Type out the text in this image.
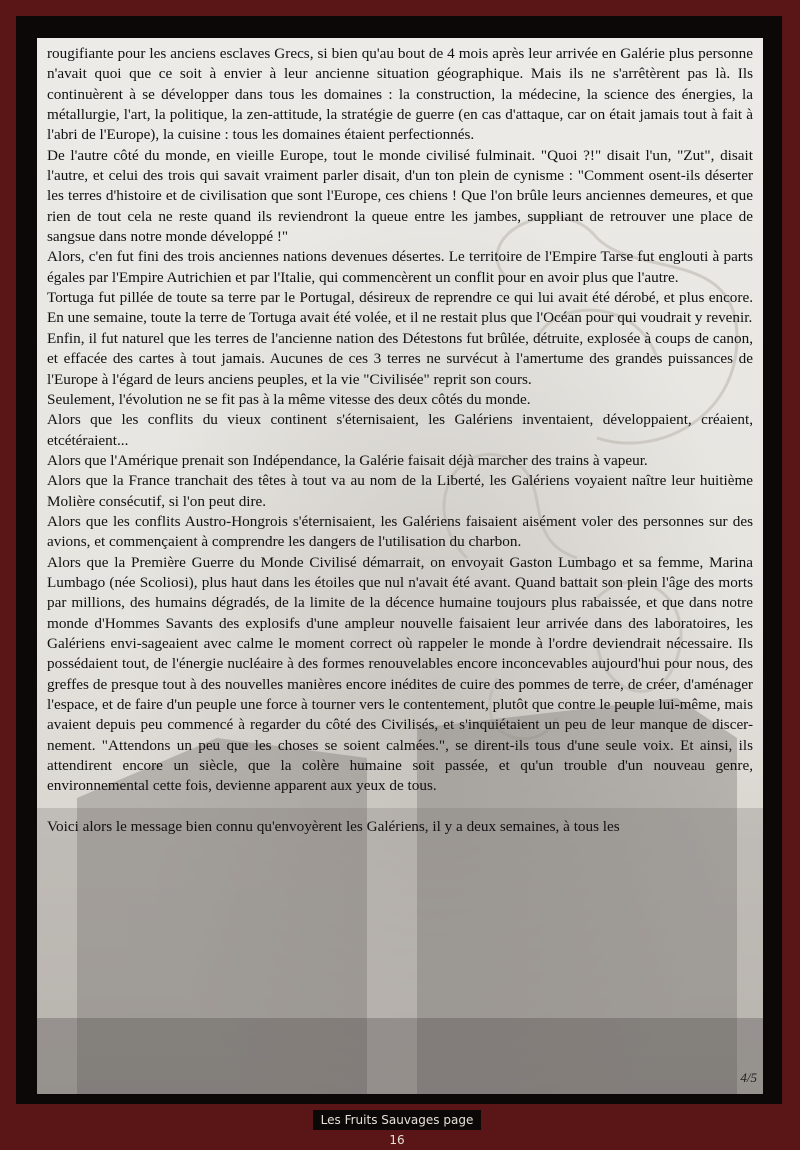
rougifiante pour les anciens esclaves Grecs, si bien qu'au bout de 4 mois après leur arrivée en Galérie plus personne n'avait quoi que ce soit à envier à leur ancienne situation géographique. Mais ils ne s'arrêtèrent pas là. Ils continuèrent à se développer dans tous les domaines : la construction, la médecine, la science des énergies, la métallurgie, l'art, la politique, la zen-attitude, la stratégie de guerre (en cas d'attaque, car on était jamais tout à fait à l'abri de l'Europe), la cuisine : tous les domaines étaient perfectionnés.

De l'autre côté du monde, en vieille Europe, tout le monde civilisé fulminait. "Quoi ?!" disait l'un, "Zut", disait l'autre, et celui des trois qui savait vraiment parler disait, d'un ton plein de cynisme : "Comment osent-ils déserter les terres d'histoire et de civilisation que sont l'Europe, ces chiens ! Que l'on brûle leurs anciennes demeures, et que rien de tout cela ne reste quand ils reviendront la queue entre les jambes, suppliant de retrouver une place de sangsue dans notre monde développé !"

Alors, c'en fut fini des trois anciennes nations devenues désertes. Le territoire de l'Empire Tarse fut englouti à parts égales par l'Empire Autrichien et par l'Italie, qui commencèrent un conflit pour en avoir plus que l'autre.

Tortuga fut pillée de toute sa terre par le Portugal, désireux de reprendre ce qui lui avait été dérobé, et plus encore. En une semaine, toute la terre de Tortuga avait été volée, et il ne restait plus que l'Océan pour qui voudrait y revenir.

Enfin, il fut naturel que les terres de l'ancienne nation des Détestons fut brûlée, détruite, explosée à coups de canon, et effacée des cartes à tout jamais. Aucunes de ces 3 terres ne survécut à l'amertume des grandes puissances de l'Europe à l'égard de leurs anciens peuples, et la vie "Civilisée" reprit son cours.

Seulement, l'évolution ne se fit pas à la même vitesse des deux côtés du monde.

Alors que les conflits du vieux continent s'éternisaient, les Galériens inventaient, développaient, créaient, etcétéraient...

Alors que l'Amérique prenait son Indépendance, la Galérie faisait déjà marcher des trains à vapeur.

Alors que la France tranchait des têtes à tout va au nom de la Liberté, les Galériens voyaient naître leur huitième Molière consécutif, si l'on peut dire.

Alors que les conflits Austro-Hongrois s'éternisaient, les Galériens faisaient aisément voler des personnes sur des avions, et commençaient à comprendre les dangers de l'utilisation du charbon.

Alors que la Première Guerre du Monde Civilisé démarrait, on envoyait Gaston Lumbago et sa femme, Marina Lumbago (née Scoliosi), plus haut dans les étoiles que nul n'avait été avant. Quand battait son plein l'âge des morts par millions, des humains dégradés, de la limite de la décence humaine toujours plus rabaissée, et que dans notre monde d'Hommes Savants des explosifs d'une ampleur nouvelle faisaient leur arrivée dans des laboratoires, les Galériens envi-sageaient avec calme le moment correct où rappeler le monde à l'ordre deviendrait nécessaire. Ils possédaient tout, de l'énergie nucléaire à des formes renouvelables encore inconcevables aujourd'hui pour nous, des greffes de presque tout à des nouvelles manières encore inédites de cuire des pommes de terre, de créer, d'aménager l'espace, et de faire d'un peuple une force à tourner vers le contentement, plutôt que contre le peuple lui-même, mais avaient depuis peu commencé à regarder du côté des Civilisés, et s'inquiétaient un peu de leur manque de discer-nement. "Attendons un peu que les choses se soient calmées.", se dirent-ils tous d'une seule voix. Et ainsi, ils attendirent encore un siècle, que la colère humaine soit passée, et qu'un trouble d'un nouveau genre, environnemental cette fois, devienne apparent aux yeux de tous.

Voici alors le message bien connu qu'envoyèrent les Galériens, il y a deux semaines, à tous les

4/5
Les Fruits Sauvages page 16
